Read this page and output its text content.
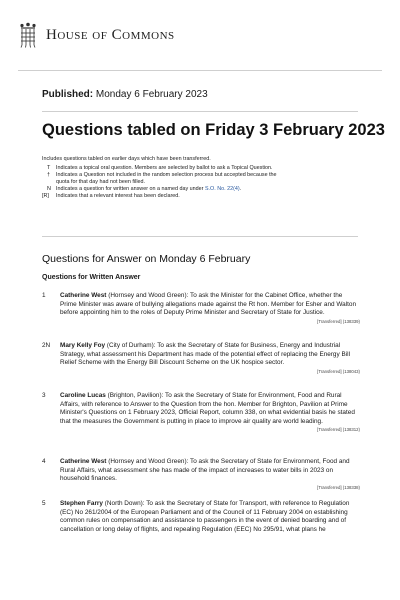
House of Commons
Published: Monday 6 February 2023
Questions tabled on Friday 3 February 2023
Includes questions tabled on earlier days which have been transferred.
T	Indicates a topical oral question. Members are selected by ballot to ask a Topical Question.
†	Indicates a Question not included in the random selection process but accepted because the quota for that day had not been filled.
N Indicates a question for written answer on a named day under S.O. No. 22(4).
[R]	Indicates that a relevant interest has been declared.
Questions for Answer on Monday 6 February
Questions for Written Answer
1	Catherine West (Hornsey and Wood Green): To ask the Minister for the Cabinet Office, whether the Prime Minister was aware of bullying allegations made against the Rt hon. Member for Esher and Walton before appointing him to the roles of Deputy Prime Minister and Secretary of State for Justice.
[Transferred] (138339)
2N	Mary Kelly Foy (City of Durham): To ask the Secretary of State for Business, Energy and Industrial Strategy, what assessment his Department has made of the potential effect of replacing the Energy Bill Relief Scheme with the Energy Bill Discount Scheme on the UK hospice sector.
[Transferred] (138043)
3	Caroline Lucas (Brighton, Pavilion): To ask the Secretary of State for Environment, Food and Rural Affairs, with reference to Answer to the Question from the hon. Member for Brighton, Pavilion at Prime Minister's Questions on 1 February 2023, Official Report, column 338, on what evidential basis he stated that the measures the Government is putting in place to improve air quality are world leading.
[Transferred] (138312)
4	Catherine West (Hornsey and Wood Green): To ask the Secretary of State for Environment, Food and Rural Affairs, what assessment she has made of the impact of increases to water bills in 2023 on household finances.
[Transferred] (138338)
5	Stephen Farry (North Down): To ask the Secretary of State for Transport, with reference to Regulation (EC) No 261/2004 of the European Parliament and of the Council of 11 February 2004 on establishing common rules on compensation and assistance to passengers in the event of denied boarding and of cancellation or long delay of flights, and repealing Regulation (EEC) No 295/91, what plans he
